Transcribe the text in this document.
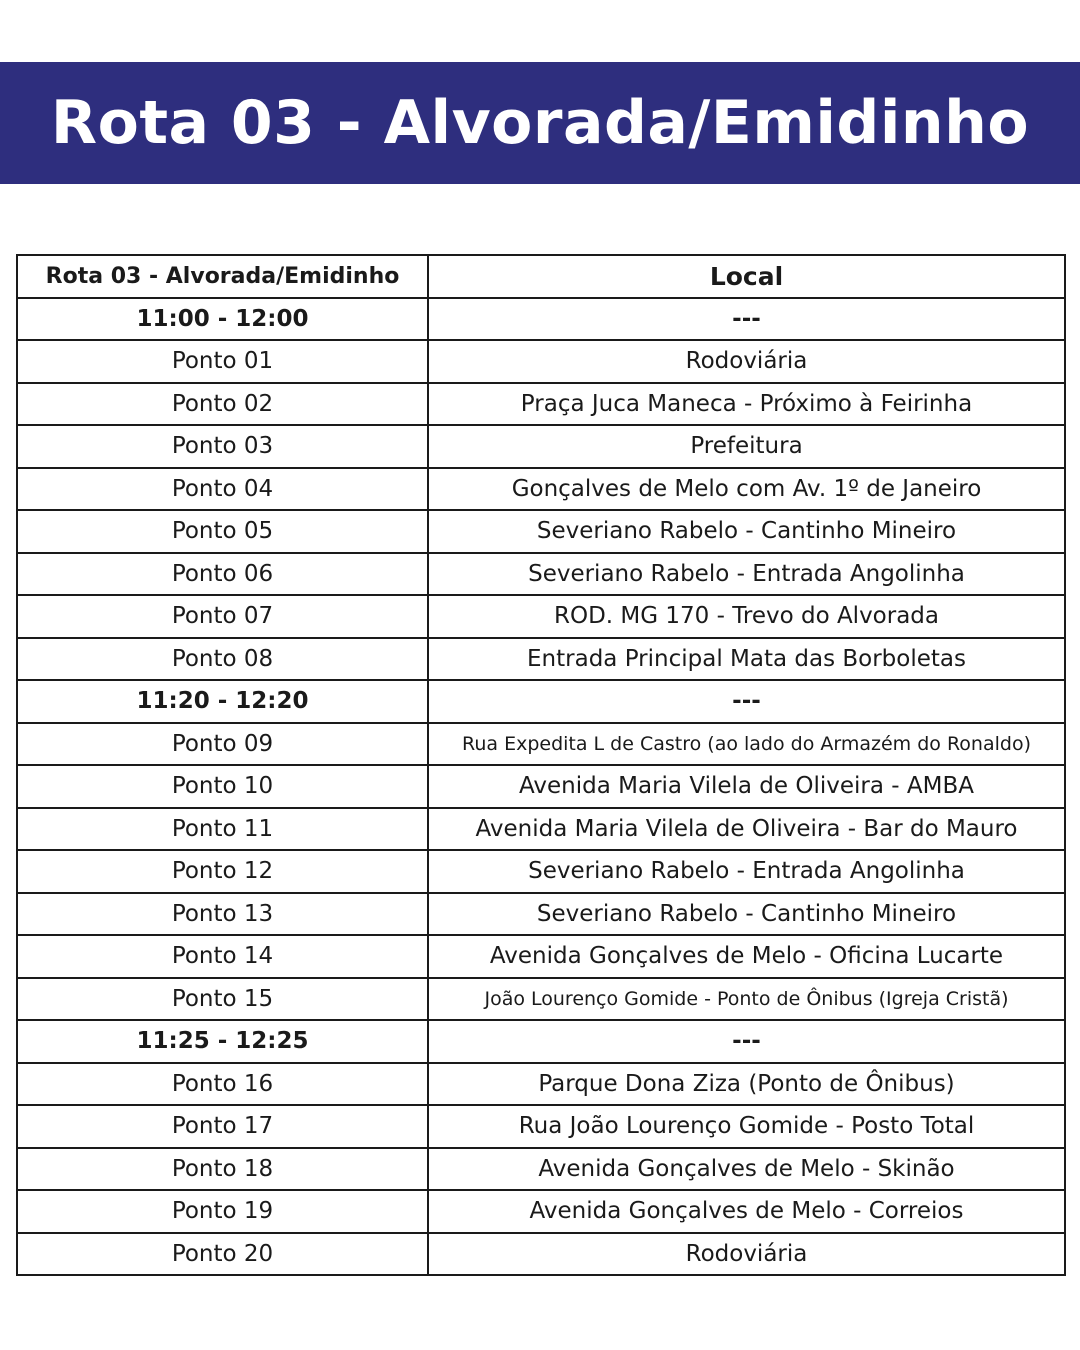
Rota 03 - Alvorada/Emidinho
Rota 03 - Alvorada/Emidinho	Local
11:00 - 12:00	---
Ponto 01	Rodoviária
Ponto 02	Praça Juca Maneca - Próximo à Feirinha
Ponto 03	Prefeitura
Ponto 04	Gonçalves de Melo com Av. 1º de Janeiro
Ponto 05	Severiano Rabelo - Cantinho Mineiro
Ponto 06	Severiano Rabelo - Entrada Angolinha
Ponto 07	ROD. MG 170 - Trevo do Alvorada
Ponto 08	Entrada Principal Mata das Borboletas
11:20 - 12:20	---
Ponto 09	Rua Expedita L de Castro (ao lado do Armazém do Ronaldo)
Ponto 10	Avenida Maria Vilela de Oliveira - AMBA
Ponto 11	Avenida Maria Vilela de Oliveira - Bar do Mauro
Ponto 12	Severiano Rabelo - Entrada Angolinha
Ponto 13	Severiano Rabelo - Cantinho Mineiro
Ponto 14	Avenida Gonçalves de Melo - Oficina Lucarte
Ponto 15	João Lourenço Gomide - Ponto de Ônibus (Igreja Cristã)
11:25 - 12:25	---
Ponto 16	Parque Dona Ziza (Ponto de Ônibus)
Ponto 17	Rua João Lourenço Gomide - Posto Total
Ponto 18	Avenida Gonçalves de Melo - Skinão
Ponto 19	Avenida Gonçalves de Melo - Correios
Ponto 20	Rodoviária
